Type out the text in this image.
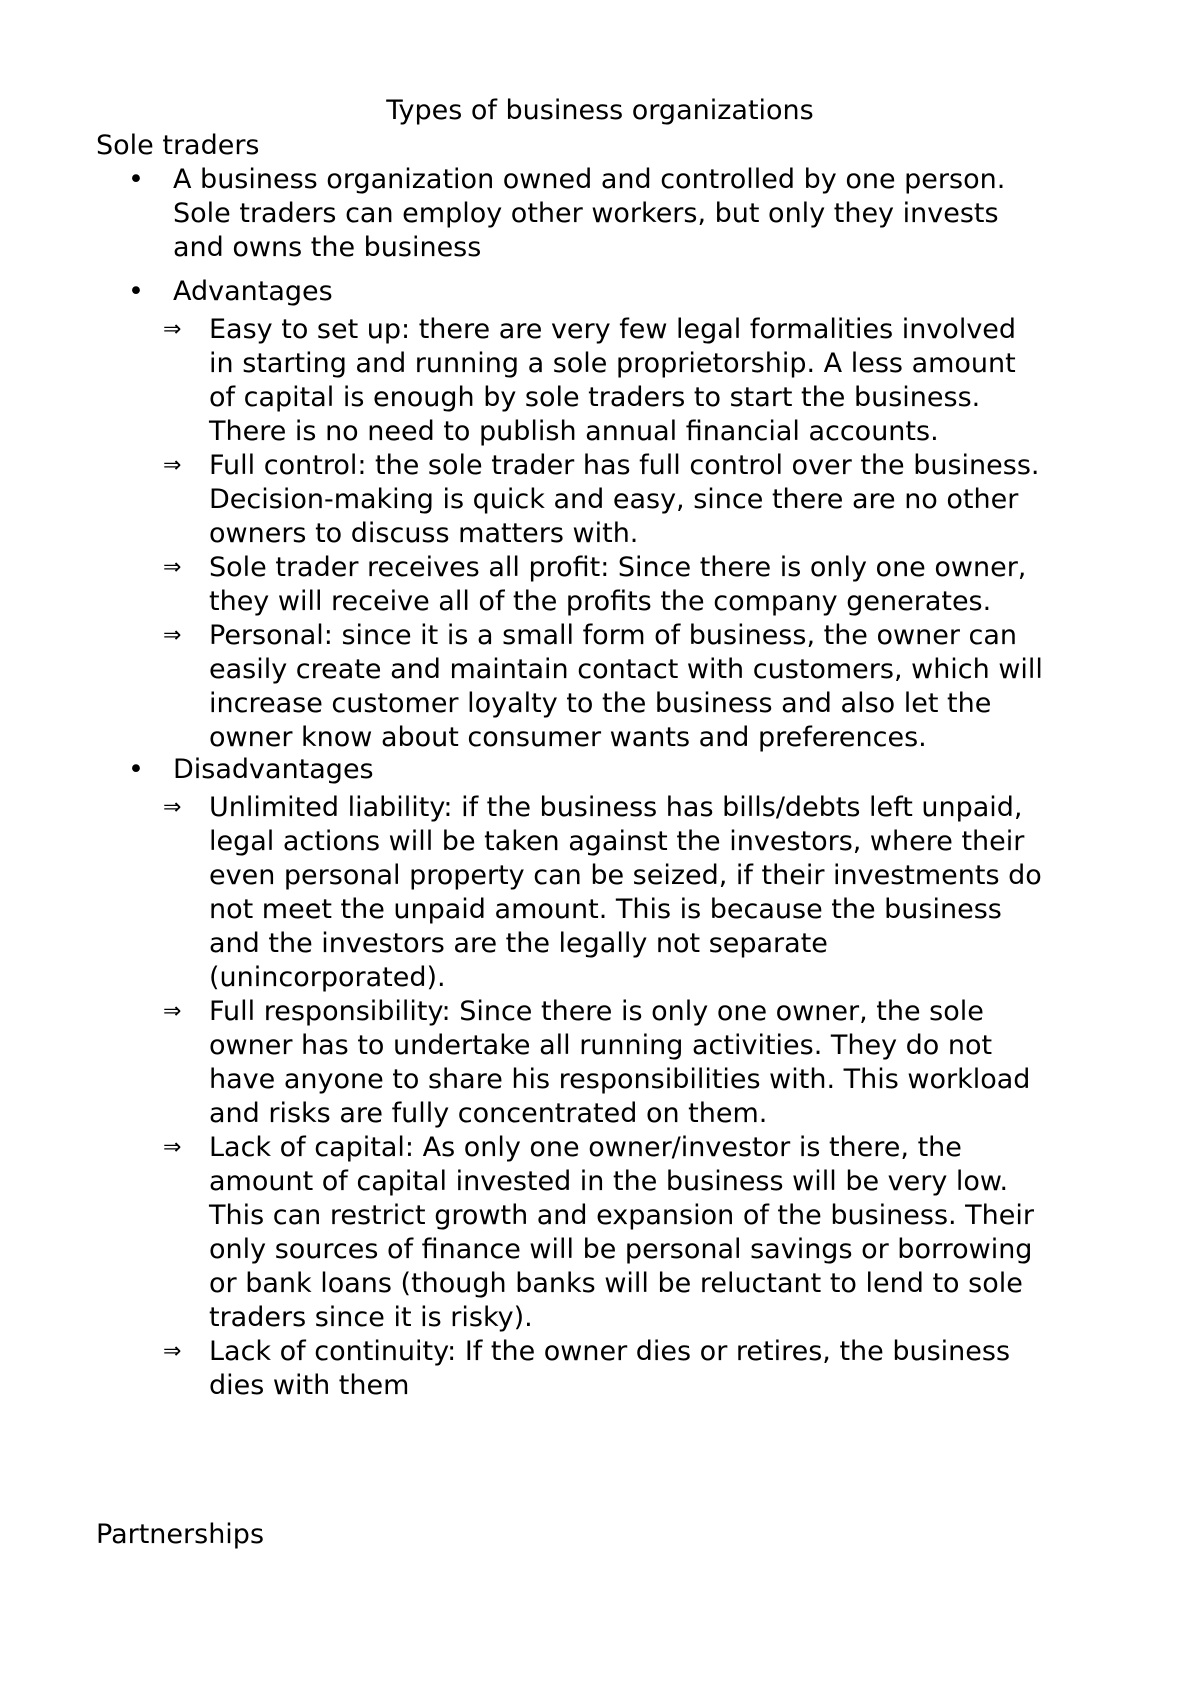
Types of business organizations
Sole traders
• A business organization owned and controlled by one person.
Sole traders can employ other workers, but only they invests
and owns the business
• Advantages
⇒	Easy to set up: there are very few legal formalities involved
in starting and running a sole proprietorship. A less amount
of capital is enough by sole traders to start the business.
There is no need to publish annual financial accounts.
⇒	Full control: the sole trader has full control over the business.
Decision-making is quick and easy, since there are no other
owners to discuss matters with.
⇒	Sole trader receives all profit: Since there is only one owner,
they will receive all of the profits the company generates.
⇒	Personal: since it is a small form of business, the owner can
easily create and maintain contact with customers, which will
increase customer loyalty to the business and also let the
owner know about consumer wants and preferences.
• Disadvantages
⇒	Unlimited liability: if the business has bills/debts left unpaid,
legal actions will be taken against the investors, where their
even personal property can be seized, if their investments do
not meet the unpaid amount. This is because the business
and the investors are the legally not separate
(unincorporated).
⇒	Full responsibility: Since there is only one owner, the sole
owner has to undertake all running activities. They do not
have anyone to share his responsibilities with. This workload
and risks are fully concentrated on them.
⇒	Lack of capital: As only one owner/investor is there, the
amount of capital invested in the business will be very low.
This can restrict growth and expansion of the business. Their
only sources of finance will be personal savings or borrowing
or bank loans (though banks will be reluctant to lend to sole
traders since it is risky).
⇒	Lack of continuity: If the owner dies or retires, the business
dies with them
Partnerships
